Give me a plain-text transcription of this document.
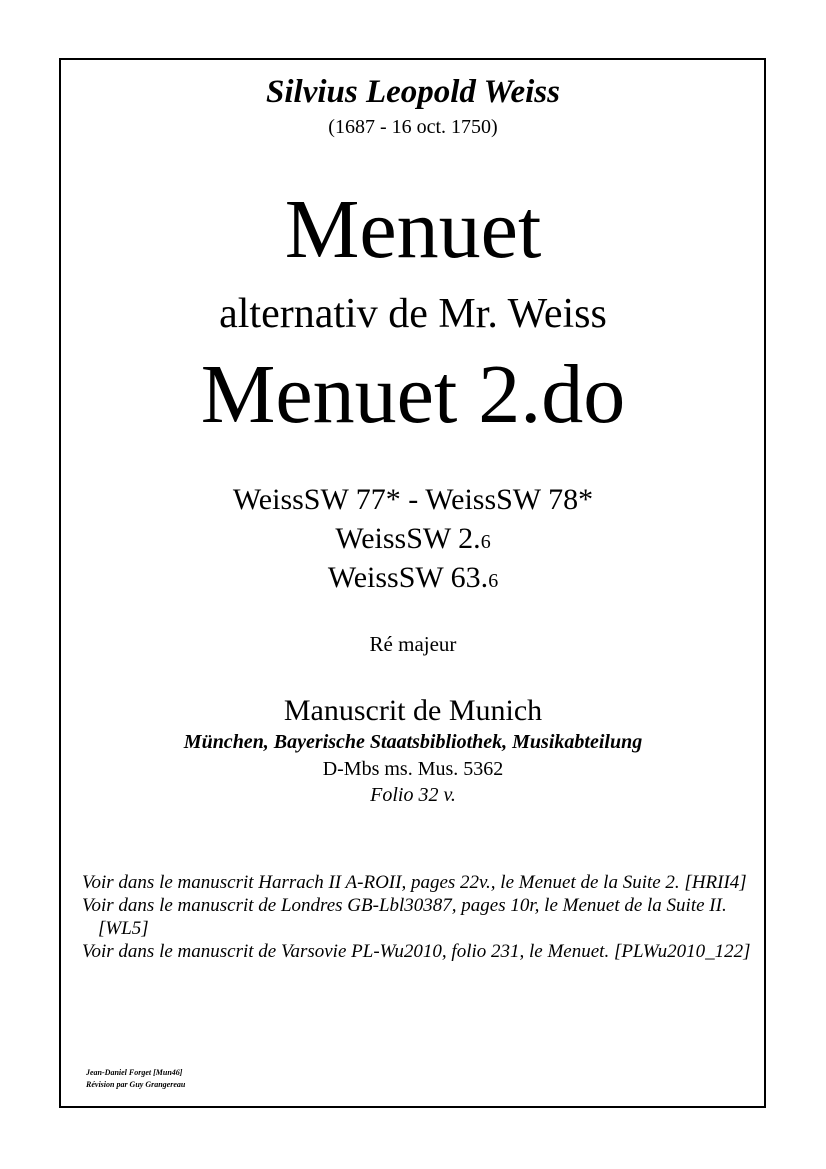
Silvius Leopold Weiss
(1687 - 16 oct. 1750)
Menuet
alternativ de Mr. Weiss
Menuet 2.do
WeissSW 77* - WeissSW 78*
WeissSW 2.6
WeissSW 63.6
Ré majeur
Manuscrit de Munich
München, Bayerische Staatsbibliothek, Musikabteilung
D-Mbs ms. Mus. 5362
Folio 32 v.
Voir dans le manuscrit Harrach II A-ROII, pages 22v., le Menuet de la Suite 2. [HRII4]
Voir dans le manuscrit de Londres GB-Lbl30387, pages 10r, le Menuet de la Suite II. [WL5]
Voir dans le manuscrit de Varsovie PL-Wu2010, folio 231, le Menuet. [PLWu2010_122]
Jean-Daniel Forget [Mun46]
Révision par Guy Grangereau
